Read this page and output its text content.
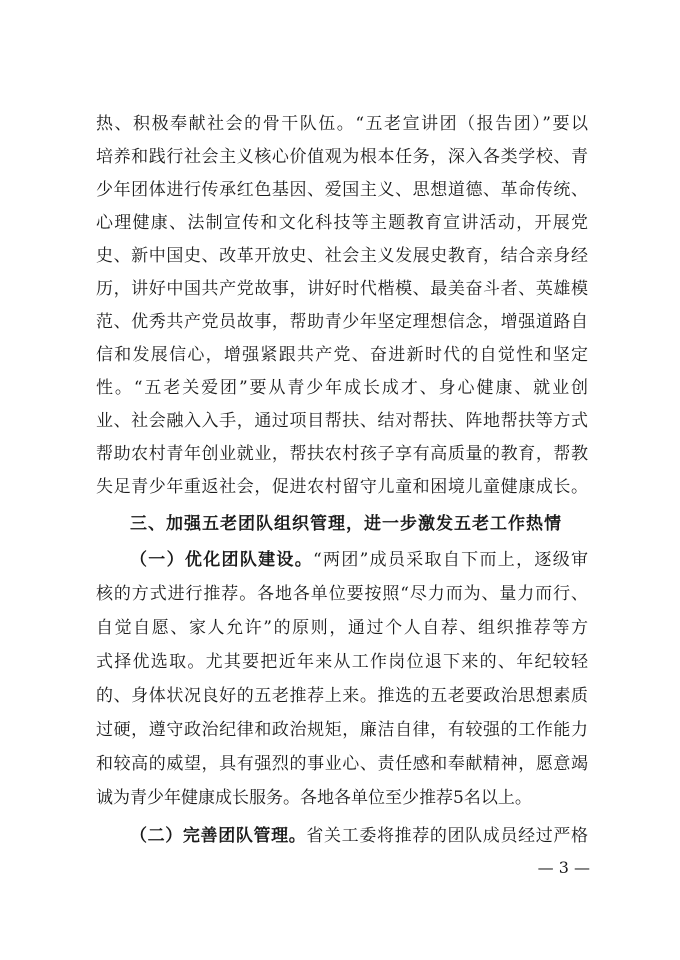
热、积极奉献社会的骨干队伍。“五老宣讲团（报告团）”要以
培养和践行社会主义核心价值观为根本任务，深入各类学校、青
少年团体进行传承红色基因、爱国主义、思想道德、革命传统、
心理健康、法制宣传和文化科技等主题教育宣讲活动，开展党
史、新中国史、改革开放史、社会主义发展史教育，结合亲身经
历，讲好中国共产党故事，讲好时代楷模、最美奋斗者、英雄模
范、优秀共产党员故事，帮助青少年坚定理想信念，增强道路自
信和发展信心，增强紧跟共产党、奋进新时代的自觉性和坚定
性。“五老关爱团”要从青少年成长成才、身心健康、就业创
业、社会融入入手，通过项目帮扶、结对帮扶、阵地帮扶等方式
帮助农村青年创业就业，帮扶农村孩子享有高质量的教育，帮教
失足青少年重返社会，促进农村留守儿童和困境儿童健康成长。
三、加强五老团队组织管理，进一步激发五老工作热情
（一）优化团队建设。“两团”成员采取自下而上，逐级审
核的方式进行推荐。各地各单位要按照“尽力而为、量力而行、
自觉自愿、家人允许”的原则，通过个人自荐、组织推荐等方
式择优选取。尤其要把近年来从工作岗位退下来的、年纪较轻
的、身体状况良好的五老推荐上来。推选的五老要政治思想素质
过硬，遵守政治纪律和政治规矩，廉洁自律，有较强的工作能力
和较高的威望，具有强烈的事业心、责任感和奉献精神，愿意竭
诚为青少年健康成长服务。各地各单位至少推荐5名以上。
（二）完善团队管理。省关工委将推荐的团队成员经过严格
— 3 —
